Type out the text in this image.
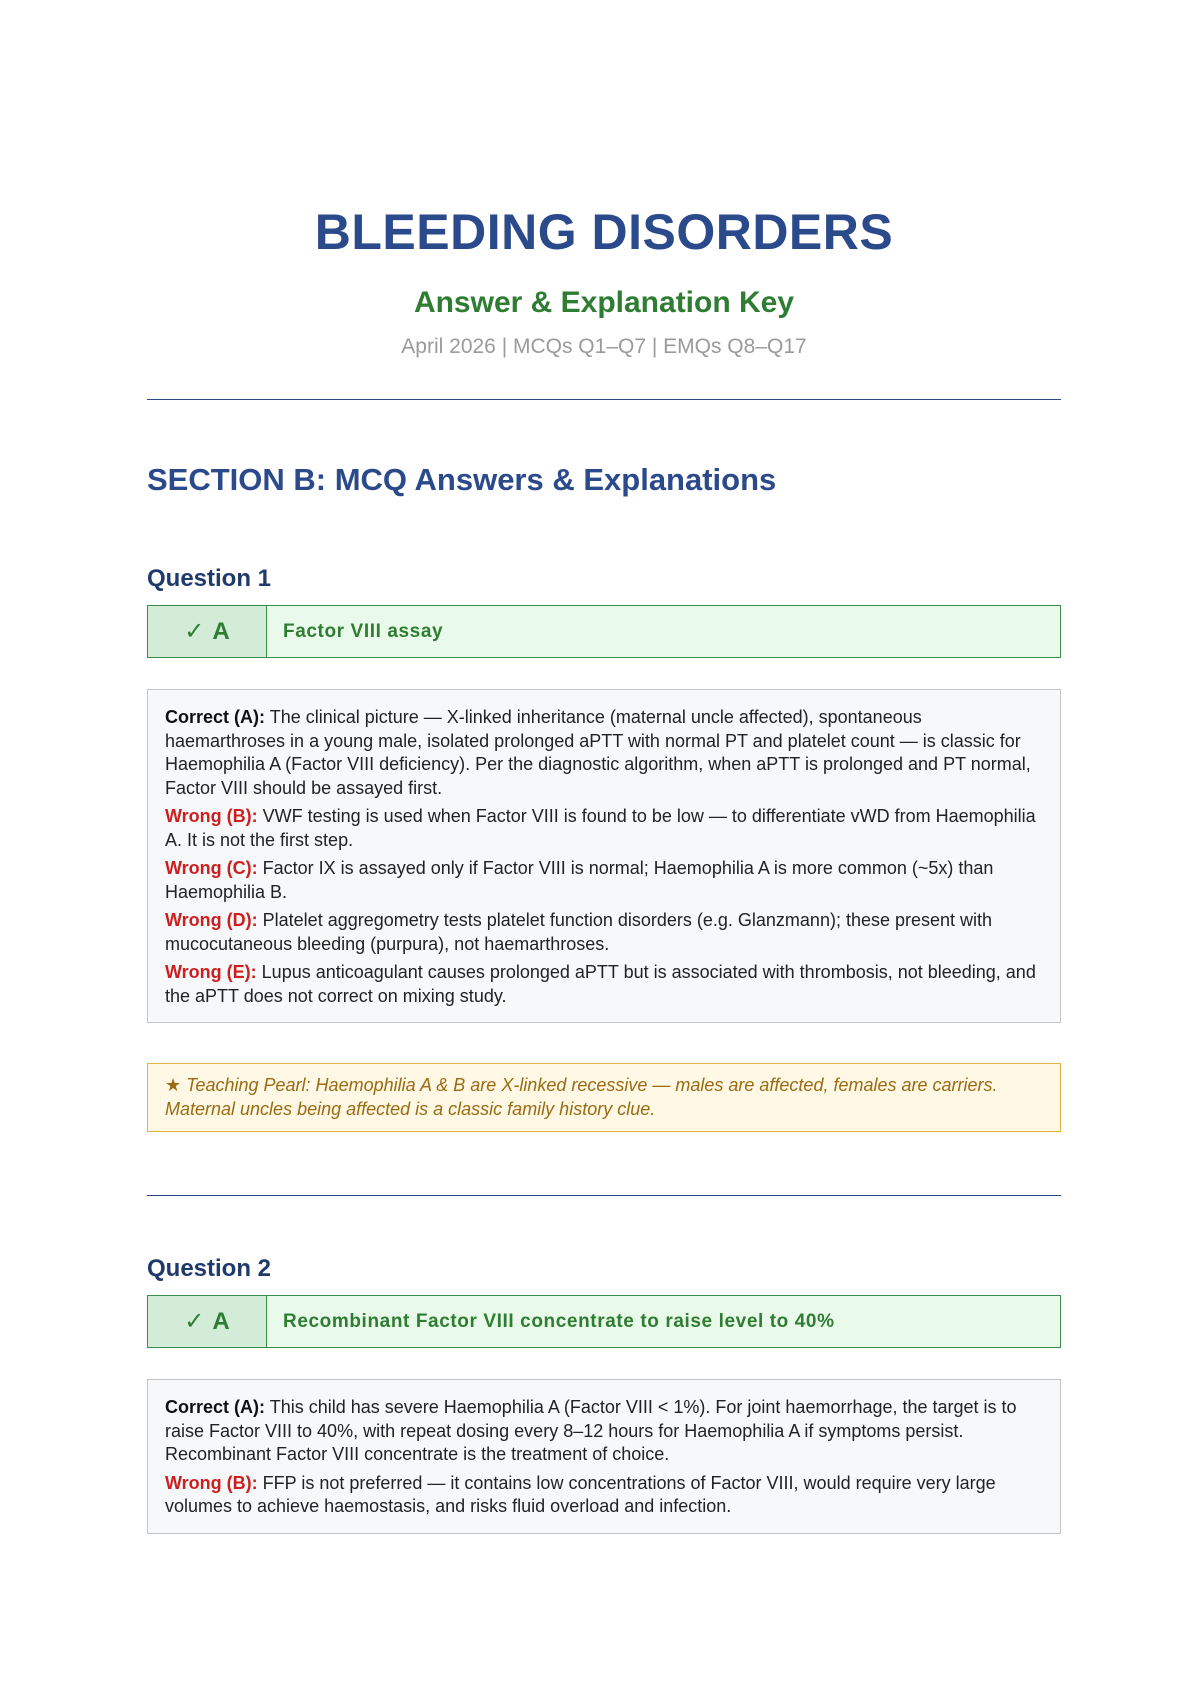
BLEEDING DISORDERS
Answer & Explanation Key
April 2026 | MCQs Q1–Q7 | EMQs Q8–Q17
SECTION B: MCQ Answers & Explanations
Question 1
✓ A	Factor VIII assay

Correct (A): The clinical picture — X-linked inheritance (maternal uncle affected), spontaneous haemarthroses in a young male, isolated prolonged aPTT with normal PT and platelet count — is classic for Haemophilia A (Factor VIII deficiency). Per the diagnostic algorithm, when aPTT is prolonged and PT normal, Factor VIII should be assayed first.

Wrong (B): VWF testing is used when Factor VIII is found to be low — to differentiate vWD from Haemophilia A. It is not the first step.

Wrong (C): Factor IX is assayed only if Factor VIII is normal; Haemophilia A is more common (~5x) than Haemophilia B.

Wrong (D): Platelet aggregometry tests platelet function disorders (e.g. Glanzmann); these present with mucocutaneous bleeding (purpura), not haemarthroses.

Wrong (E): Lupus anticoagulant causes prolonged aPTT but is associated with thrombosis, not bleeding, and the aPTT does not correct on mixing study.

★ Teaching Pearl: Haemophilia A & B are X-linked recessive — males are affected, females are carriers. Maternal uncles being affected is a classic family history clue.
Question 2
✓ A	Recombinant Factor VIII concentrate to raise level to 40%

Correct (A): This child has severe Haemophilia A (Factor VIII < 1%). For joint haemorrhage, the target is to raise Factor VIII to 40%, with repeat dosing every 8–12 hours for Haemophilia A if symptoms persist. Recombinant Factor VIII concentrate is the treatment of choice.

Wrong (B): FFP is not preferred — it contains low concentrations of Factor VIII, would require very large volumes to achieve haemostasis, and risks fluid overload and infection.
